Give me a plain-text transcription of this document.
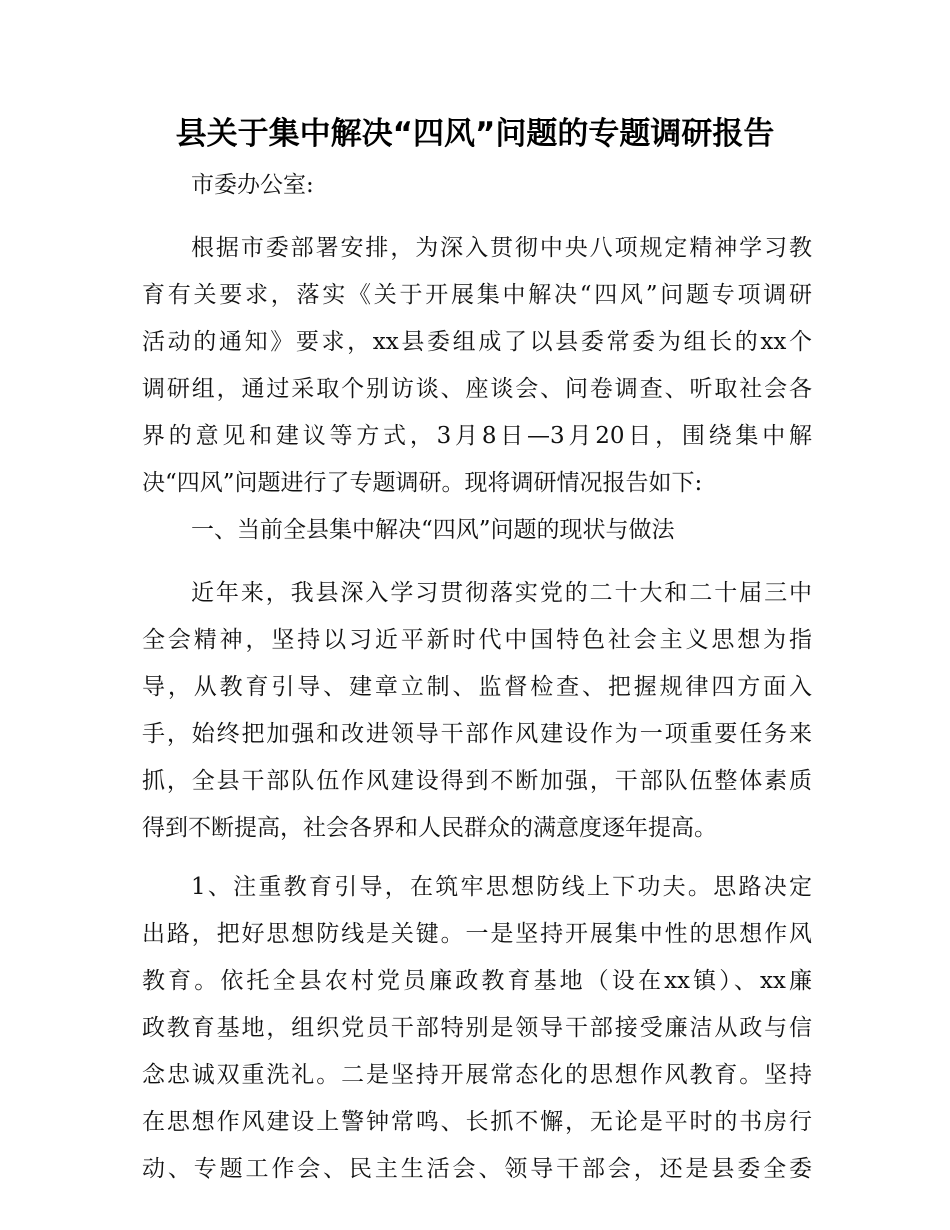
县关于集中解决“四风”问题的专题调研报告
市委办公室:
根据市委部署安排，为深入贯彻中央八项规定精神学习教
育有关要求，落实《关于开展集中解决“四风”问题专项调研
活动的通知》要求，xx县委组成了以县委常委为组长的xx个
调研组，通过采取个别访谈、座谈会、问卷调查、听取社会各
界的意见和建议等方式，3月8日—3月20日，围绕集中解
决“四风”问题进行了专题调研。现将调研情况报告如下:
一、当前全县集中解决“四风”问题的现状与做法
近年来，我县深入学习贯彻落实党的二十大和二十届三中
全会精神，坚持以习近平新时代中国特色社会主义思想为指
导，从教育引导、建章立制、监督检查、把握规律四方面入
手，始终把加强和改进领导干部作风建设作为一项重要任务来
抓，全县干部队伍作风建设得到不断加强，干部队伍整体素质
得到不断提高，社会各界和人民群众的满意度逐年提高。
1、注重教育引导，在筑牢思想防线上下功夫。思路决定
出路，把好思想防线是关键。一是坚持开展集中性的思想作风
教育。依托全县农村党员廉政教育基地（设在xx镇）、xx廉
政教育基地，组织党员干部特别是领导干部接受廉洁从政与信
念忠诚双重洗礼。二是坚持开展常态化的思想作风教育。坚持
在思想作风建设上警钟常鸣、长抓不懈，无论是平时的书房行
动、专题工作会、民主生活会、领导干部会，还是县委全委
